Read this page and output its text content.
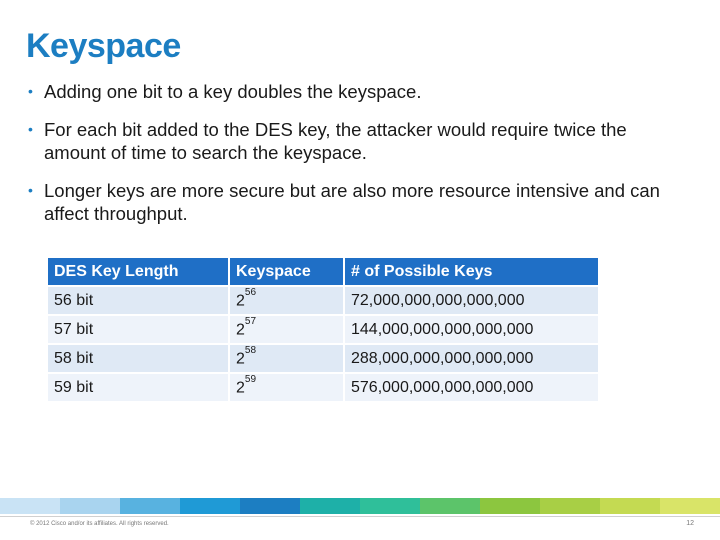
Keyspace
• Adding one bit to a key doubles the keyspace.
• For each bit added to the DES key, the attacker would require twice the amount of time to search the keyspace.
• Longer keys are more secure but are also more resource intensive and can affect throughput.
DES Key Length	Keyspace	# of Possible Keys
56 bit	$2^{56}$	72,000,000,000,000,000
57 bit	$2^{57}$	144,000,000,000,000,000
58 bit	$2^{58}$	288,000,000,000,000,000
59 bit	$2^{59}$	576,000,000,000,000,000
© 2012 Cisco and/or its affiliates. All rights reserved.	12
